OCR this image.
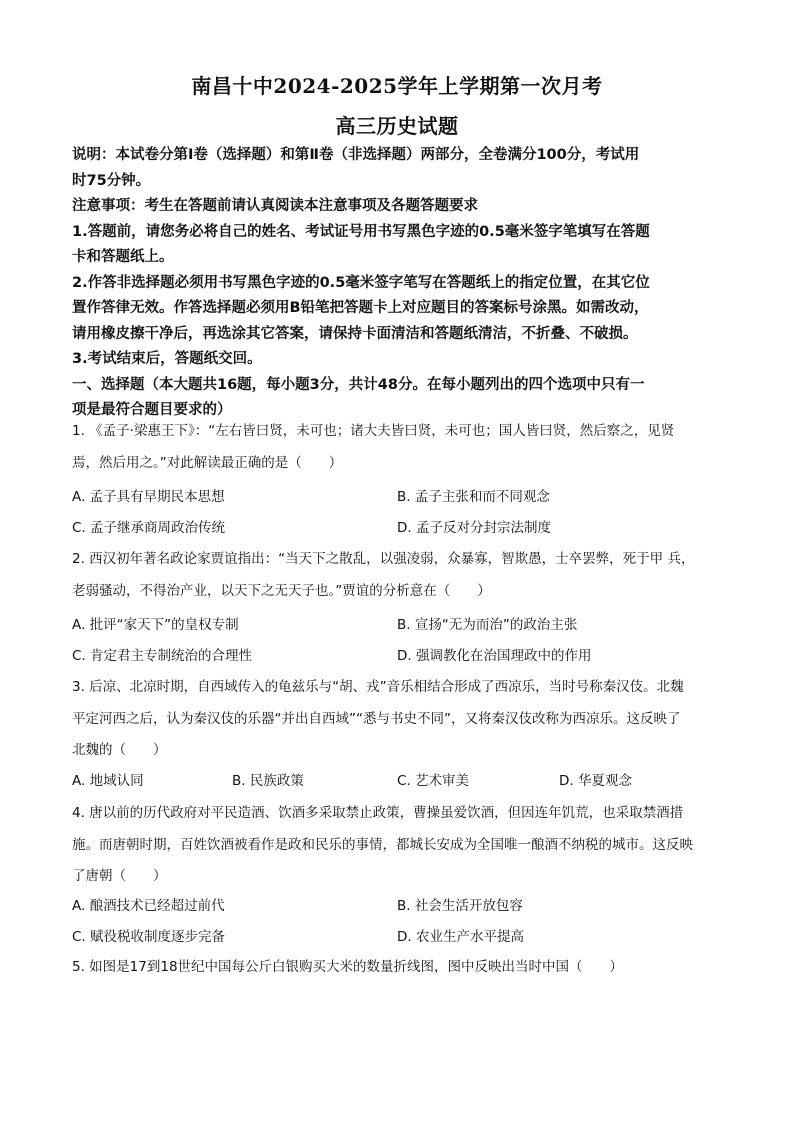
南昌十中2024-2025学年上学期第一次月考
高三历史试题
说明：本试卷分第Ⅰ卷（选择题）和第Ⅱ卷（非选择题）两部分，全卷满分100分，考试用
时75分钟。
注意事项：考生在答题前请认真阅读本注意事项及各题答题要求
1.答题前，请您务必将自己的姓名、考试证号用书写黑色字迹的0.5毫米签字笔填写在答题
卡和答题纸上。
2.作答非选择题必须用书写黑色字迹的0.5毫米签字笔写在答题纸上的指定位置，在其它位
置作答律无效。作答选择题必须用B铅笔把答题卡上对应题目的答案标号涂黑。如需改动，
请用橡皮擦干净后，再选涂其它答案，请保持卡面清洁和答题纸清洁，不折叠、不破损。
3.考试结束后，答题纸交回。
一、选择题（本大题共16题，每小题3分，共计48分。在每小题列出的四个选项中只有一
项是最符合题目要求的）
1. 《孟子·梁惠王下》：“左右皆曰贤，未可也；诸大夫皆曰贤，未可也；国人皆曰贤，然后察之，见贤
焉，然后用之。”对此解读最正确的是（　　）
A. 孟子具有早期民本思想	B. 孟子主张和而不同观念
C. 孟子继承商周政治传统	D. 孟子反对分封宗法制度
2. 西汉初年著名政论家贾谊指出：“当天下之散乱，以强凌弱，众暴寡，智欺愚，士卒罢弊，死于甲 兵，
老弱骚动，不得治产业，以天下之无天子也。”贾谊的分析意在（　　）
A. 批评“家天下”的皇权专制	B. 宣扬“无为而治”的政治主张
C. 肯定君主专制统治的合理性	D. 强调教化在治国理政中的作用
3. 后凉、北凉时期，自西域传入的龟兹乐与“胡、戎”音乐相结合形成了西凉乐，当时号称秦汉伎。北魏
平定河西之后，认为秦汉伎的乐器“并出自西域”“悉与书史不同”，又将秦汉伎改称为西凉乐。这反映了
北魏的（　　）
A. 地域认同	B. 民族政策	C. 艺术审美	D. 华夏观念
4. 唐以前的历代政府对平民造酒、饮酒多采取禁止政策，曹操虽爱饮酒，但因连年饥荒，也采取禁酒措
施。而唐朝时期，百姓饮酒被看作是政和民乐的事情，都城长安成为全国唯一酿酒不纳税的城市。这反映
了唐朝（　　）
A. 酿酒技术已经超过前代	B. 社会生活开放包容
C. 赋役税收制度逐步完备	D. 农业生产水平提高
5. 如图是17到18世纪中国每公斤白银购买大米的数量折线图，图中反映出当时中国（　　）
